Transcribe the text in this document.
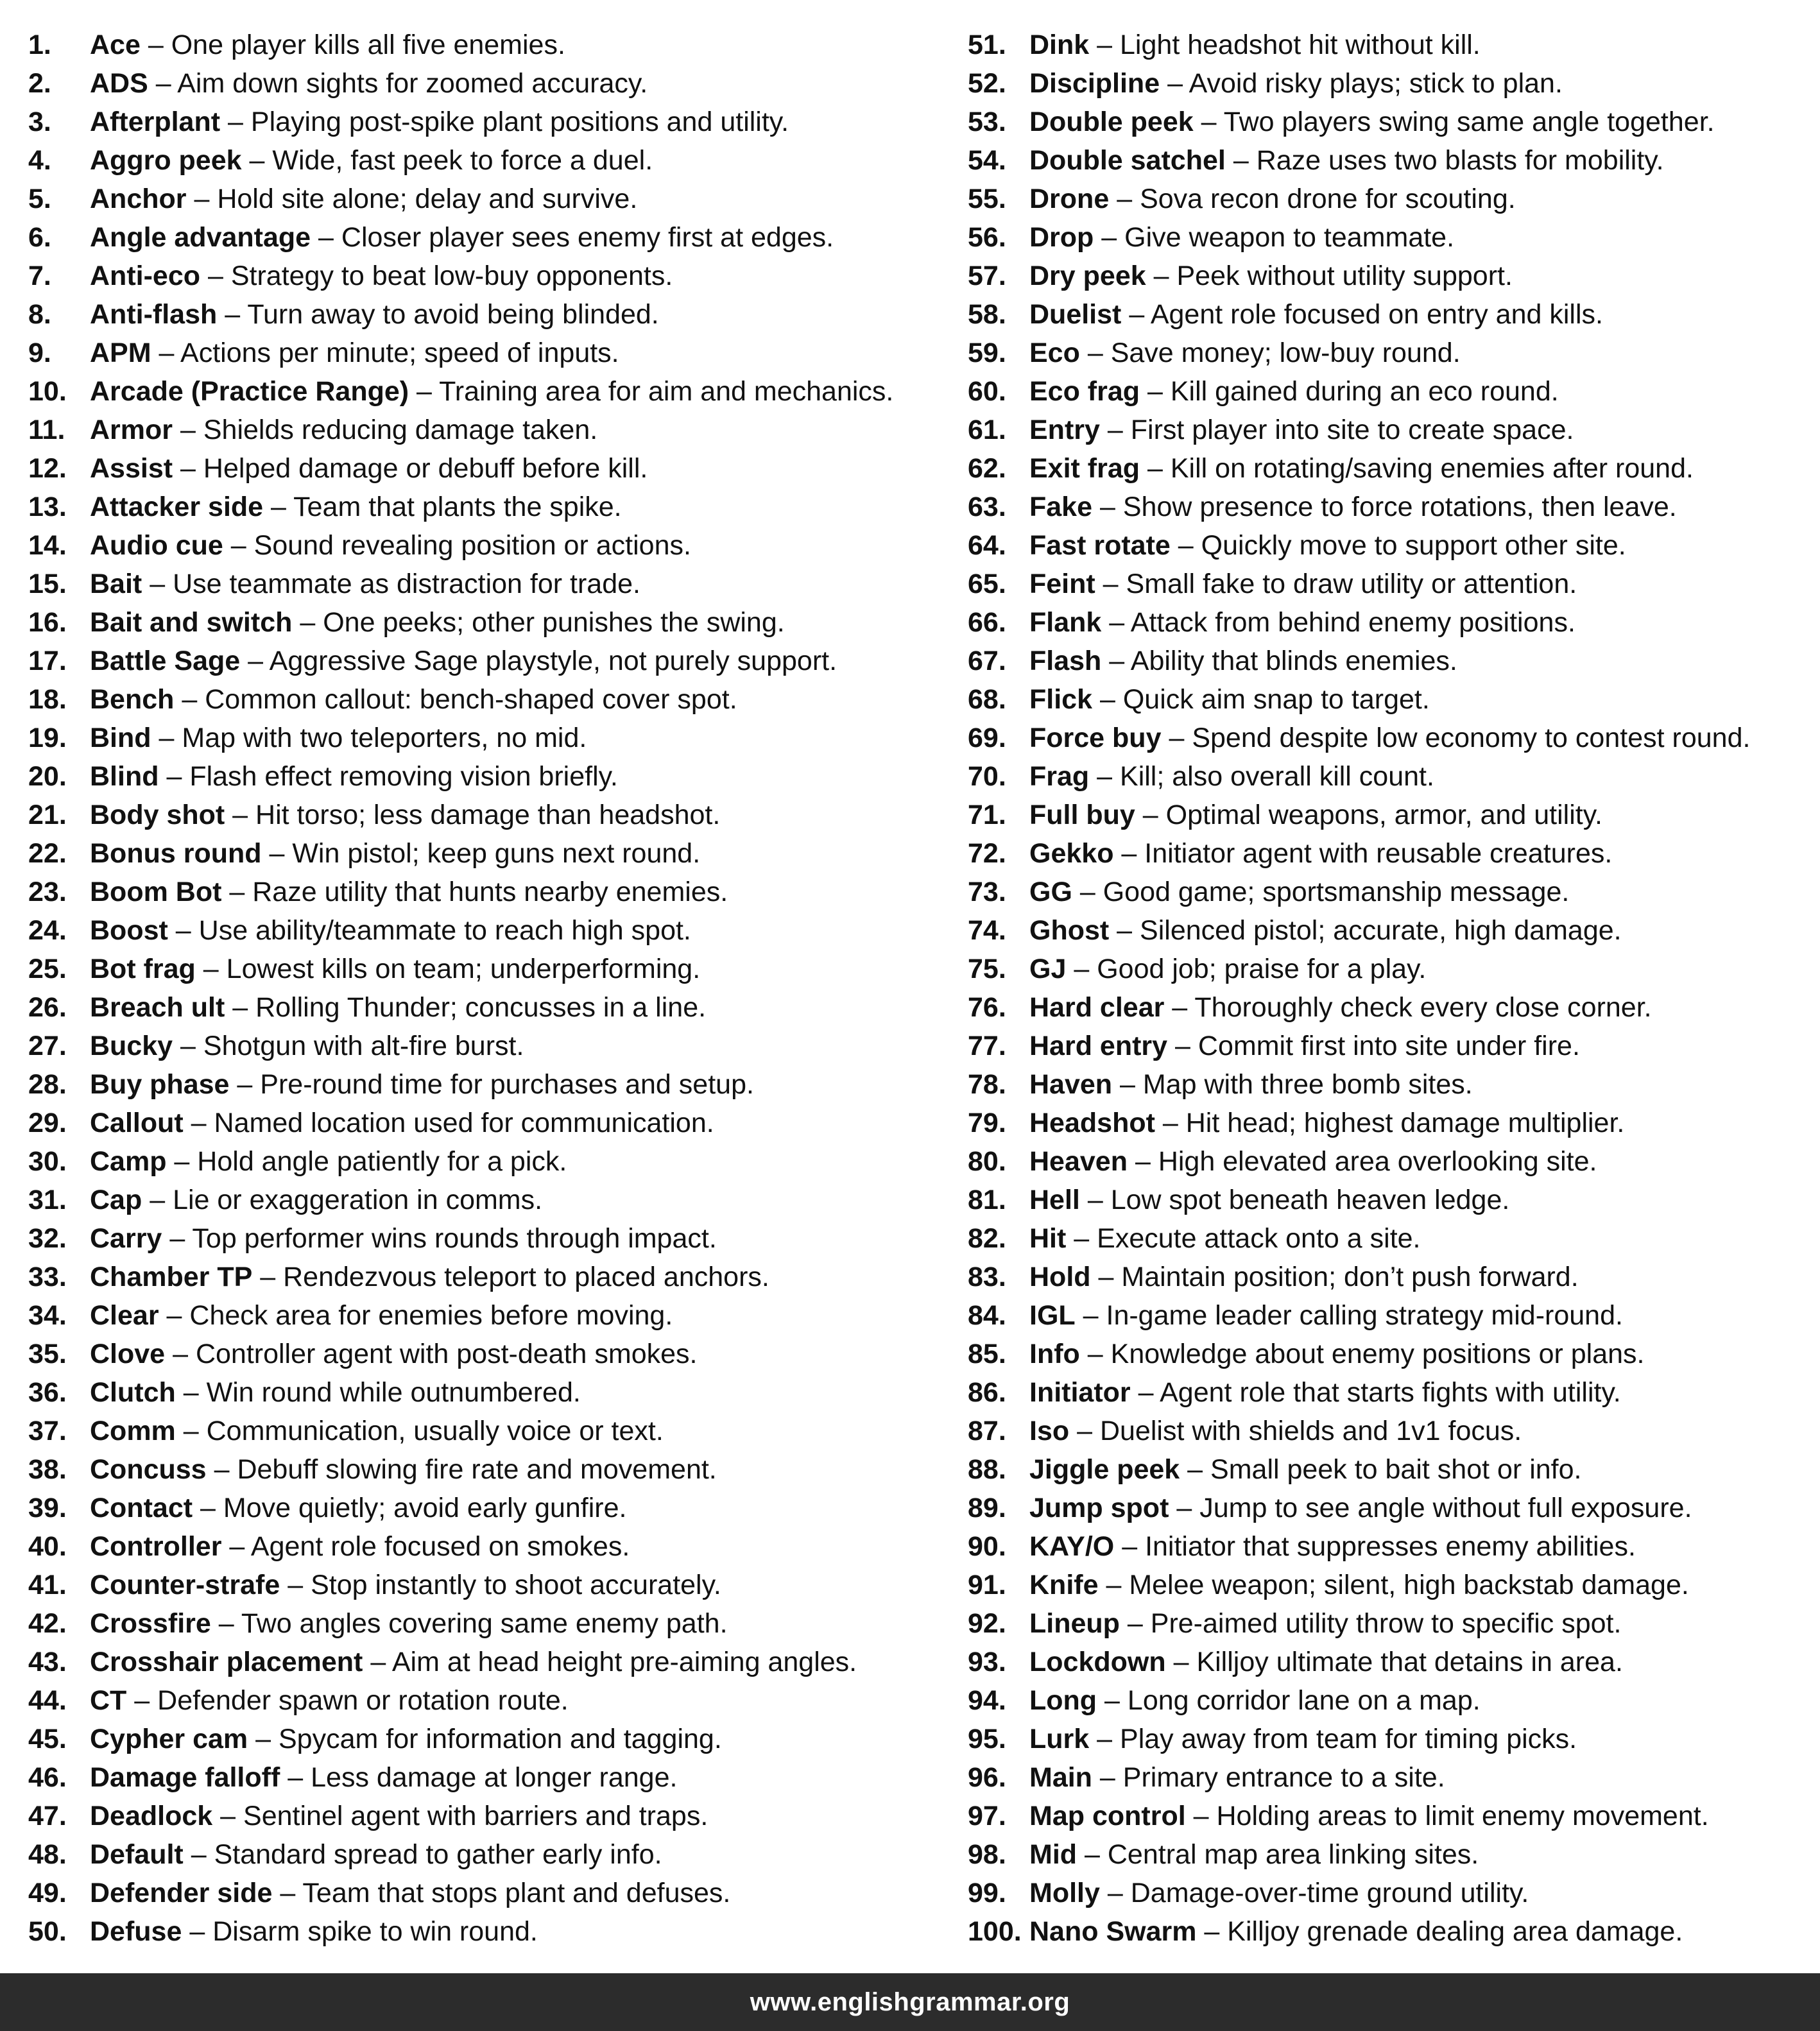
1.	Ace – One player kills all five enemies.
2.	ADS – Aim down sights for zoomed accuracy.
3.	Afterplant – Playing post-spike plant positions and utility.
4.	Aggro peek – Wide, fast peek to force a duel.
5.	Anchor – Hold site alone; delay and survive.
6.	Angle advantage – Closer player sees enemy first at edges.
7.	Anti-eco – Strategy to beat low-buy opponents.
8.	Anti-flash – Turn away to avoid being blinded.
9.	APM – Actions per minute; speed of inputs.
10. Arcade (Practice Range) – Training area for aim and mechanics.
11. Armor – Shields reducing damage taken.
12. Assist – Helped damage or debuff before kill.
13. Attacker side – Team that plants the spike.
14. Audio cue – Sound revealing position or actions.
15. Bait – Use teammate as distraction for trade.
16. Bait and switch – One peeks; other punishes the swing.
17. Battle Sage – Aggressive Sage playstyle, not purely support.
18. Bench – Common callout: bench-shaped cover spot.
19. Bind – Map with two teleporters, no mid.
20. Blind – Flash effect removing vision briefly.
21. Body shot – Hit torso; less damage than headshot.
22. Bonus round – Win pistol; keep guns next round.
23. Boom Bot – Raze utility that hunts nearby enemies.
24. Boost – Use ability/teammate to reach high spot.
25. Bot frag – Lowest kills on team; underperforming.
26. Breach ult – Rolling Thunder; concusses in a line.
27. Bucky – Shotgun with alt-fire burst.
28. Buy phase – Pre-round time for purchases and setup.
29. Callout – Named location used for communication.
30. Camp – Hold angle patiently for a pick.
31. Cap – Lie or exaggeration in comms.
32. Carry – Top performer wins rounds through impact.
33. Chamber TP – Rendezvous teleport to placed anchors.
34. Clear – Check area for enemies before moving.
35. Clove – Controller agent with post-death smokes.
36. Clutch – Win round while outnumbered.
37. Comm – Communication, usually voice or text.
38. Concuss – Debuff slowing fire rate and movement.
39. Contact – Move quietly; avoid early gunfire.
40. Controller – Agent role focused on smokes.
41. Counter-strafe – Stop instantly to shoot accurately.
42. Crossfire – Two angles covering same enemy path.
43. Crosshair placement – Aim at head height pre-aiming angles.
44. CT – Defender spawn or rotation route.
45. Cypher cam – Spycam for information and tagging.
46. Damage falloff – Less damage at longer range.
47. Deadlock – Sentinel agent with barriers and traps.
48. Default – Standard spread to gather early info.
49. Defender side – Team that stops plant and defuses.
50. Defuse – Disarm spike to win round.
51. Dink – Light headshot hit without kill.
52. Discipline – Avoid risky plays; stick to plan.
53. Double peek – Two players swing same angle together.
54. Double satchel – Raze uses two blasts for mobility.
55. Drone – Sova recon drone for scouting.
56. Drop – Give weapon to teammate.
57. Dry peek – Peek without utility support.
58. Duelist – Agent role focused on entry and kills.
59. Eco – Save money; low-buy round.
60. Eco frag – Kill gained during an eco round.
61. Entry – First player into site to create space.
62. Exit frag – Kill on rotating/saving enemies after round.
63. Fake – Show presence to force rotations, then leave.
64. Fast rotate – Quickly move to support other site.
65. Feint – Small fake to draw utility or attention.
66. Flank – Attack from behind enemy positions.
67. Flash – Ability that blinds enemies.
68. Flick – Quick aim snap to target.
69. Force buy – Spend despite low economy to contest round.
70. Frag – Kill; also overall kill count.
71. Full buy – Optimal weapons, armor, and utility.
72. Gekko – Initiator agent with reusable creatures.
73. GG – Good game; sportsmanship message.
74. Ghost – Silenced pistol; accurate, high damage.
75. GJ – Good job; praise for a play.
76. Hard clear – Thoroughly check every close corner.
77. Hard entry – Commit first into site under fire.
78. Haven – Map with three bomb sites.
79. Headshot – Hit head; highest damage multiplier.
80. Heaven – High elevated area overlooking site.
81. Hell – Low spot beneath heaven ledge.
82. Hit – Execute attack onto a site.
83. Hold – Maintain position; don’t push forward.
84. IGL – In-game leader calling strategy mid-round.
85. Info – Knowledge about enemy positions or plans.
86. Initiator – Agent role that starts fights with utility.
87. Iso – Duelist with shields and 1v1 focus.
88. Jiggle peek – Small peek to bait shot or info.
89. Jump spot – Jump to see angle without full exposure.
90. KAY/O – Initiator that suppresses enemy abilities.
91. Knife – Melee weapon; silent, high backstab damage.
92. Lineup – Pre-aimed utility throw to specific spot.
93. Lockdown – Killjoy ultimate that detains in area.
94. Long – Long corridor lane on a map.
95. Lurk – Play away from team for timing picks.
96. Main – Primary entrance to a site.
97. Map control – Holding areas to limit enemy movement.
98. Mid – Central map area linking sites.
99. Molly – Damage-over-time ground utility.
100. Nano Swarm – Killjoy grenade dealing area damage.
www.englishgrammar.org
